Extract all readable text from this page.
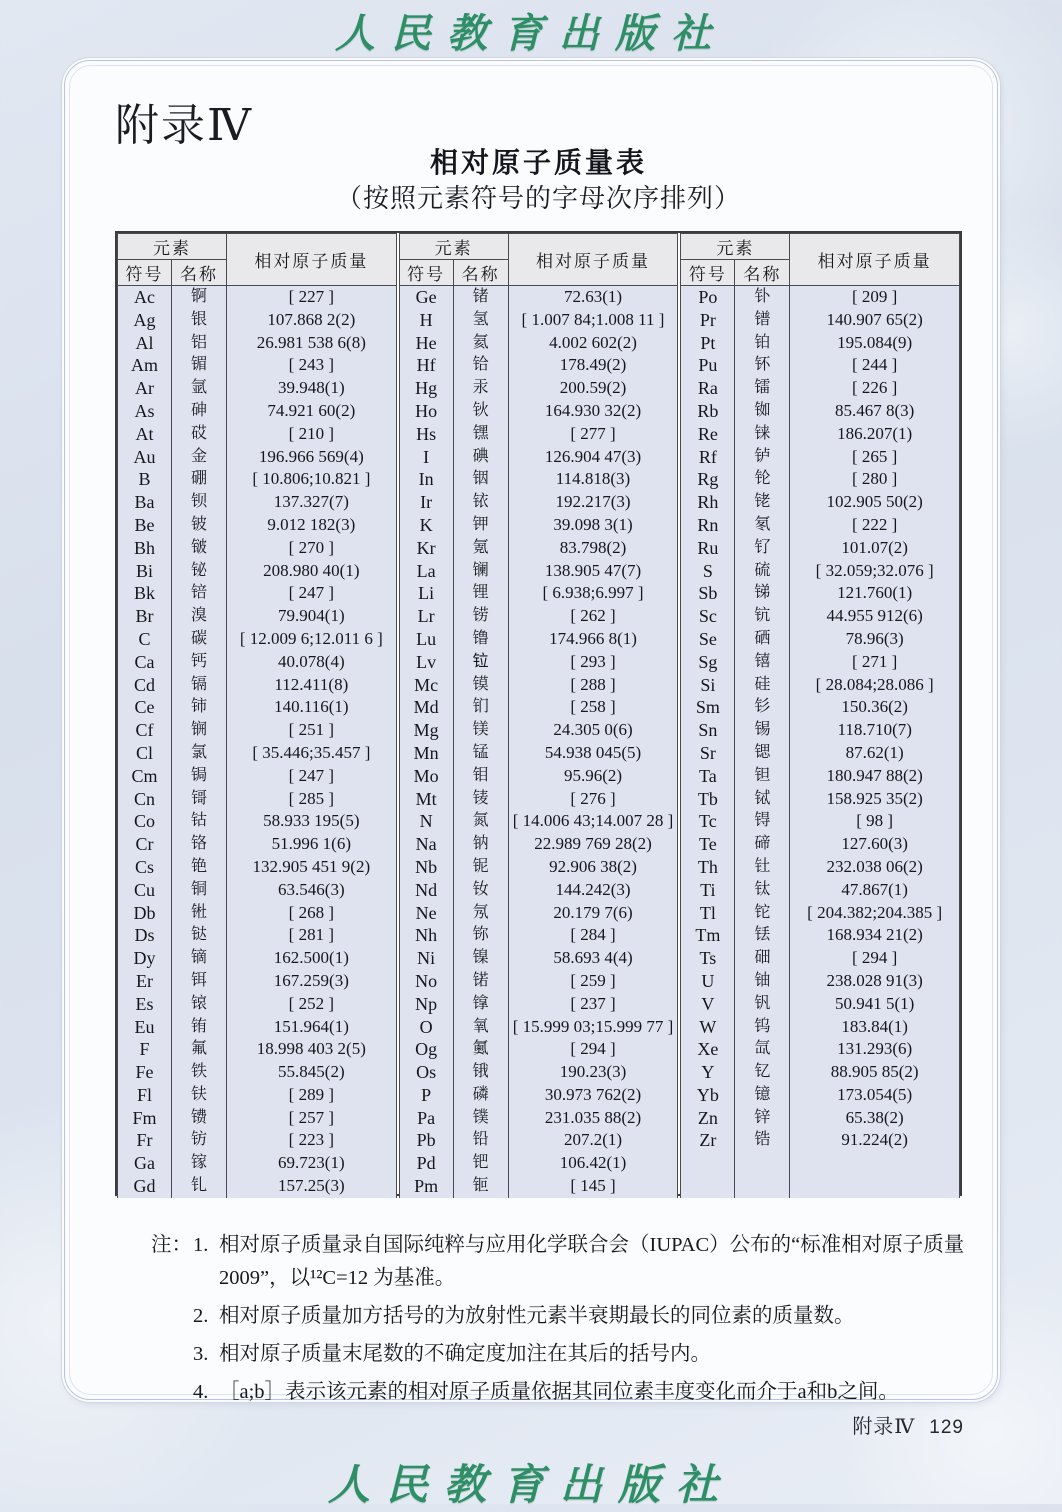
人民教育出版社
附录Ⅳ
相对原子质量表
（按照元素符号的字母次序排列）
元素		相对原子质量
符号	名称	
Ac	锕	[ 227 ]
Ag	银	107.868 2(2)
Al	铝	26.981 538 6(8)
Am	镅	[ 243 ]
Ar	氩	39.948(1)
As	砷	74.921 60(2)
At	砹	[ 210 ]
Au	金	196.966 569(4)
B	硼	[ 10.806;10.821 ]
Ba	钡	137.327(7)
Be	铍	9.012 182(3)
Bh	𬭛	[ 270 ]
Bi	铋	208.980 40(1)
Bk	锫	[ 247 ]
Br	溴	79.904(1)
C	碳	[ 12.009 6;12.011 6 ]
Ca	钙	40.078(4)
Cd	镉	112.411(8)
Ce	铈	140.116(1)
Cf	锎	[ 251 ]
Cl	氯	[ 35.446;35.457 ]
Cm	锔	[ 247 ]
Cn	鿔	[ 285 ]
Co	钴	58.933 195(5)
Cr	铬	51.996 1(6)
Cs	铯	132.905 451 9(2)
Cu	铜	63.546(3)
Db	𬭊	[ 268 ]
Ds	𫟼	[ 281 ]
Dy	镝	162.500(1)
Er	铒	167.259(3)
Es	锿	[ 252 ]
Eu	铕	151.964(1)
F	氟	18.998 403 2(5)
Fe	铁	55.845(2)
Fl	𫓧	[ 289 ]
Fm	镄	[ 257 ]
Fr	钫	[ 223 ]
Ga	镓	69.723(1)
Gd	钆	157.25(3)
元素		相对原子质量
符号	名称	
Ge	锗	72.63(1)
H	氢	[ 1.007 84;1.008 11 ]
He	氦	4.002 602(2)
Hf	铪	178.49(2)
Hg	汞	200.59(2)
Ho	钬	164.930 32(2)
Hs	𬭶	[ 277 ]
I	碘	126.904 47(3)
In	铟	114.818(3)
Ir	铱	192.217(3)
K	钾	39.098 3(1)
Kr	氪	83.798(2)
La	镧	138.905 47(7)
Li	锂	[ 6.938;6.997 ]
Lr	铹	[ 262 ]
Lu	镥	174.966 8(1)
Lv	𫟷	[ 293 ]
Mc	镆	[ 288 ]
Md	钔	[ 258 ]
Mg	镁	24.305 0(6)
Mn	锰	54.938 045(5)
Mo	钼	95.96(2)
Mt	鿏	[ 276 ]
N	氮	[ 14.006 43;14.007 28 ]
Na	钠	22.989 769 28(2)
Nb	铌	92.906 38(2)
Nd	钕	144.242(3)
Ne	氖	20.179 7(6)
Nh	鿭	[ 284 ]
Ni	镍	58.693 4(4)
No	锘	[ 259 ]
Np	镎	[ 237 ]
O	氧	[ 15.999 03;15.999 77 ]
Og	鿫	[ 294 ]
Os	锇	190.23(3)
P	磷	30.973 762(2)
Pa	镤	231.035 88(2)
Pb	铅	207.2(1)
Pd	钯	106.42(1)
Pm	钷	[ 145 ]
元素		相对原子质量
符号	名称	
Po	钋	[ 209 ]
Pr	镨	140.907 65(2)
Pt	铂	195.084(9)
Pu	钚	[ 244 ]
Ra	镭	[ 226 ]
Rb	铷	85.467 8(3)
Re	铼	186.207(1)
Rf	𬬻	[ 265 ]
Rg	𬬭	[ 280 ]
Rh	铑	102.905 50(2)
Rn	氡	[ 222 ]
Ru	钌	101.07(2)
S	硫	[ 32.059;32.076 ]
Sb	锑	121.760(1)
Sc	钪	44.955 912(6)
Se	硒	78.96(3)
Sg	𬭳	[ 271 ]
Si	硅	[ 28.084;28.086 ]
Sm	钐	150.36(2)
Sn	锡	118.710(7)
Sr	锶	87.62(1)
Ta	钽	180.947 88(2)
Tb	铽	158.925 35(2)
Tc	锝	[ 98 ]
Te	碲	127.60(3)
Th	钍	232.038 06(2)
Ti	钛	47.867(1)
Tl	铊	[ 204.382;204.385 ]
Tm	铥	168.934 21(2)
Ts	鿬	[ 294 ]
U	铀	238.028 91(3)
V	钒	50.941 5(1)
W	钨	183.84(1)
Xe	氙	131.293(6)
Y	钇	88.905 85(2)
Yb	镱	173.054(5)
Zn	锌	65.38(2)
Zr	锆	91.224(2)

注： 1. 相对原子质量录自国际纯粹与应用化学联合会（IUPAC）公布的“标准相对原子质量 2009”，以¹²C=12 为基准。
2. 相对原子质量加方括号的为放射性元素半衰期最长的同位素的质量数。
3. 相对原子质量末尾数的不确定度加注在其后的括号内。
4. ［a;b］表示该元素的相对原子质量依据其同位素丰度变化而介于a和b之间。
附录Ⅳ 129
人民教育出版社
